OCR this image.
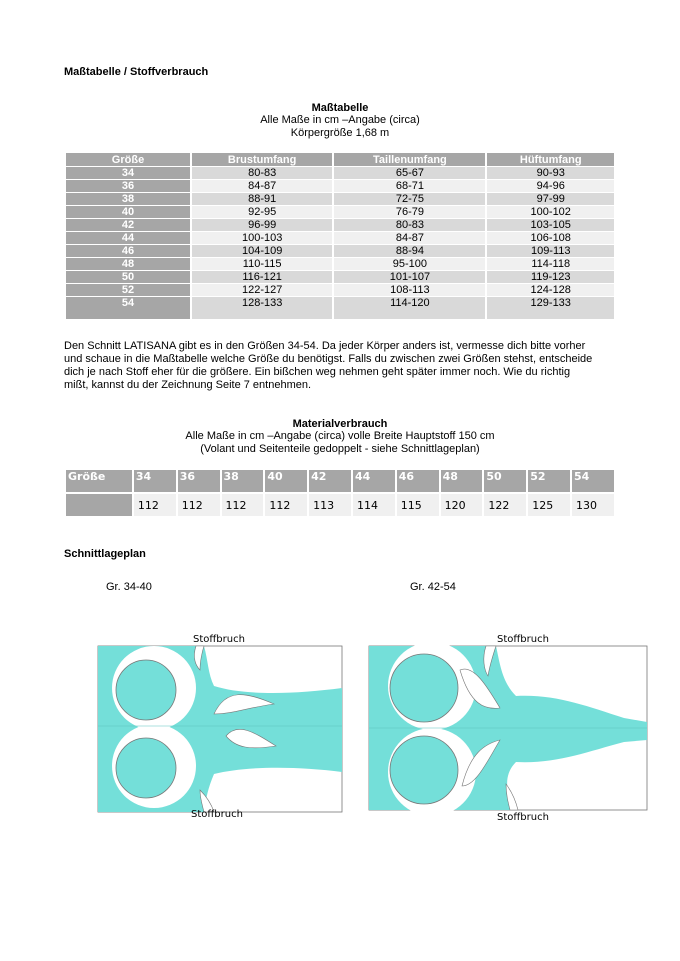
Maßtabelle / Stoffverbrauch
Maßtabelle
Alle Maße in cm –Angabe (circa)
Körpergröße 1,68 m
Größe	Brustumfang	Taillenumfang	Hüftumfang
34	80-83	65-67	90-93
36	84-87	68-71	94-96
38	88-91	72-75	97-99
40	92-95	76-79	100-102
42	96-99	80-83	103-105
44	100-103	84-87	106-108
46	104-109	88-94	109-113
48	110-115	95-100	114-118
50	116-121	101-107	119-123
52	122-127	108-113	124-128
54	128-133	114-120	129-133
Den Schnitt LATISANA gibt es in den Größen 34-54. Da jeder Körper anders ist, vermesse dich bitte vorher
und schaue in die Maßtabelle welche Größe du benötigst. Falls du zwischen zwei Größen stehst, entscheide
dich je nach Stoff eher für die größere. Ein bißchen weg nehmen geht später immer noch. Wie du richtig
mißt, kannst du der Zeichnung Seite 7 entnehmen.
Materialverbrauch
Alle Maße in cm –Angabe (circa) volle Breite Hauptstoff 150 cm
(Volant und Seitenteile gedoppelt - siehe Schnittlageplan)
Größe	34	36	38	40	42	44	46	48	50	52	54
	112	112	112	112	113	114	115	120	122	125	130
Schnittlageplan
Gr. 34-40	Gr. 42-54
Stoffbruch
Stoffbruch
Stoffbruch
Stoffbruch
